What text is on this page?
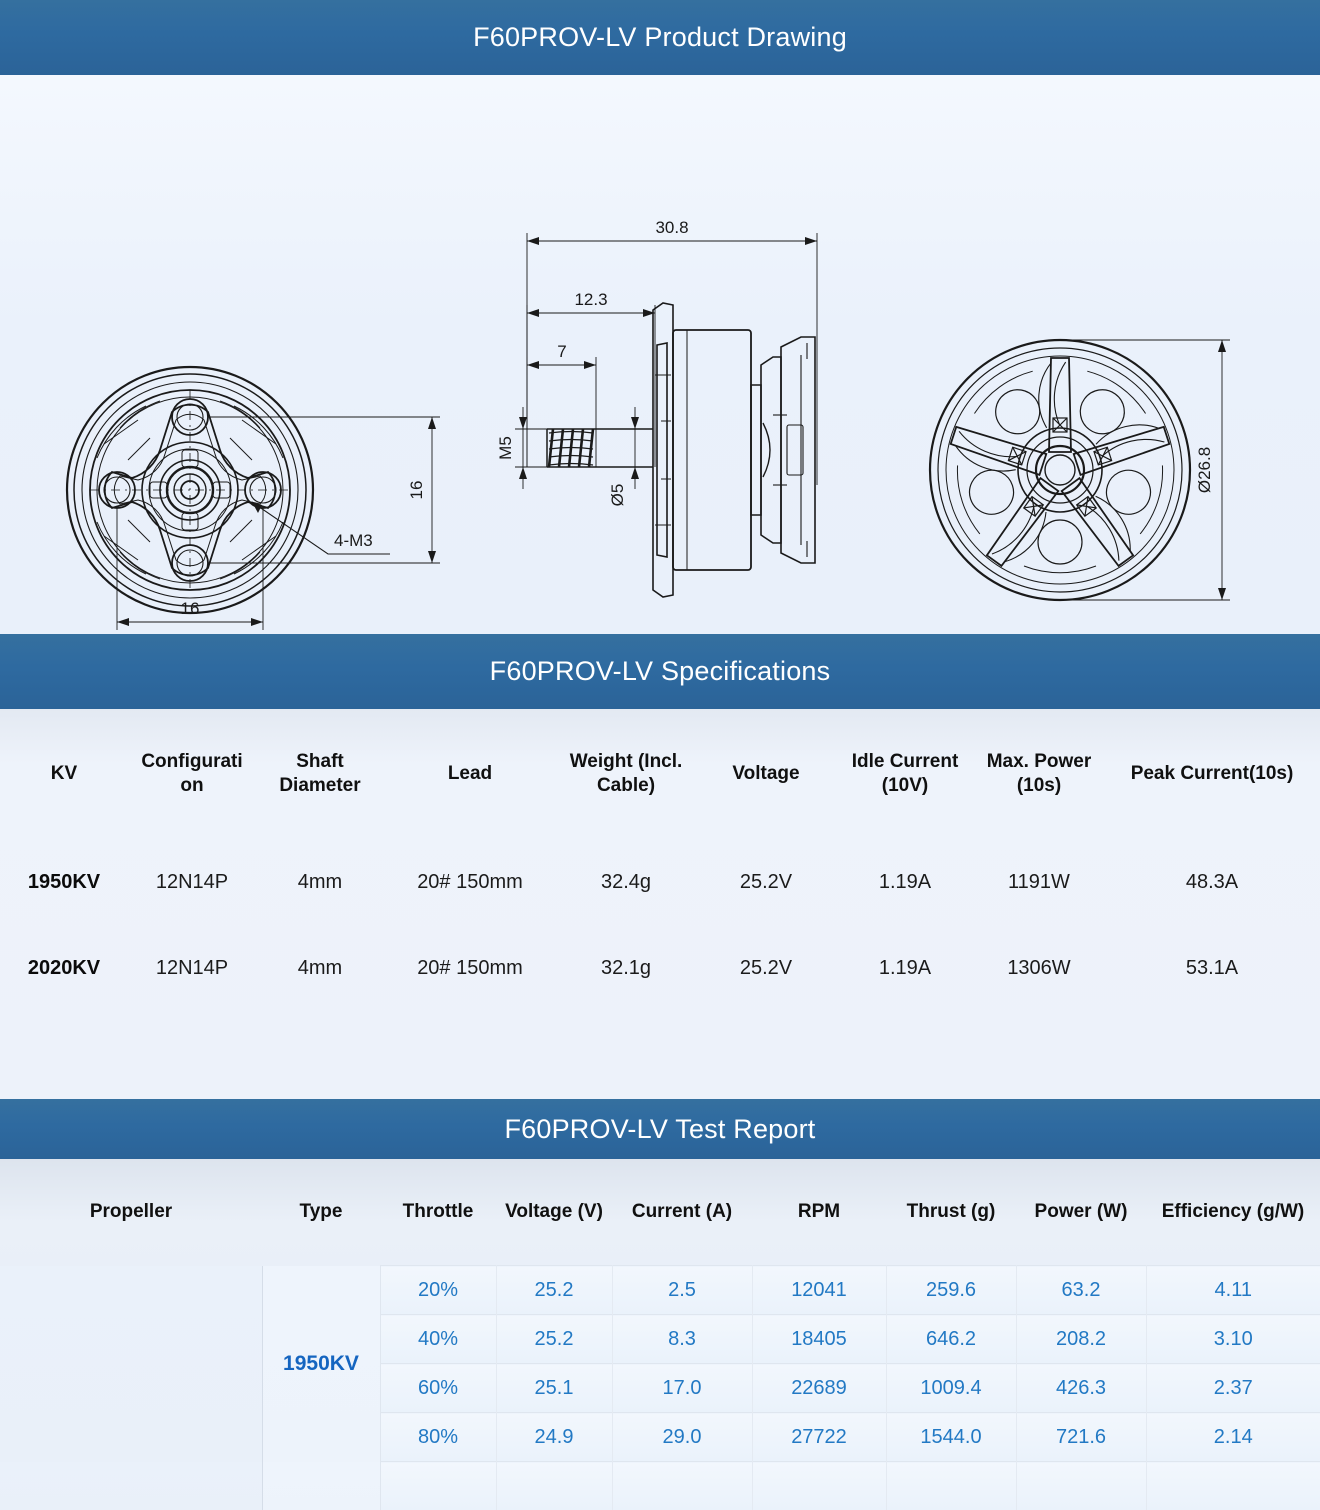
F60PROV-LV Product Drawing
4-M3
16
16
30.8
12.3
7
M5
Ø5
Ø26.8
F60PROV-LV Specifications
KV	Configurati on	Shaft Diameter	Lead	Weight (Incl. Cable)	Voltage	Idle Current (10V)	Max. Power (10s)	Peak Current(10s)
1950KV	12N14P	4mm	20# 150mm	32.4g	25.2V	1.19A	1191W	48.3A
2020KV	12N14P	4mm	20# 150mm	32.1g	25.2V	1.19A	1306W	53.1A
F60PROV-LV Test Report
Propeller	Type	Throttle	Voltage (V)	Current (A)	RPM	Thrust (g)	Power (W)	Efficiency (g/W)
	1950KV	20%	25.2	2.5	12041	259.6	63.2	4.11
		40%	25.2	8.3	18405	646.2	208.2	3.10
		60%	25.1	17.0	22689	1009.4	426.3	2.37
		80%	24.9	29.0	27722	1544.0	721.6	2.14
